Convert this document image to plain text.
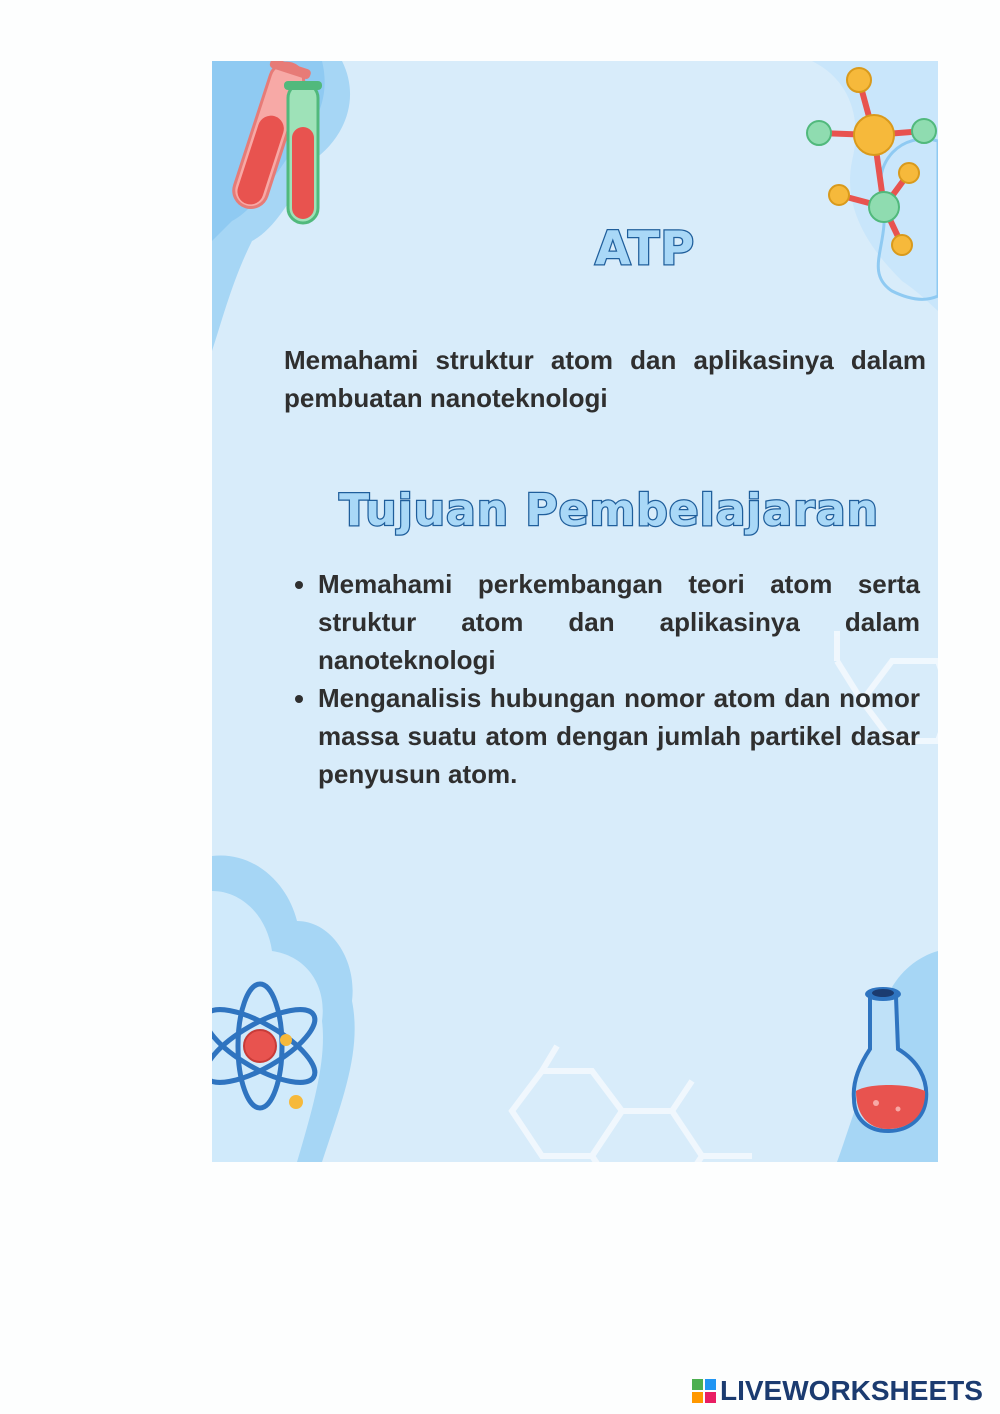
ATP

Memahami struktur atom dan aplikasinya dalam pembuatan nanoteknologi

Tujuan Pembelajaran
• Memahami perkembangan teori atom serta struktur atom dan aplikasinya dalam nanoteknologi
• Menganalisis hubungan nomor atom dan nomor massa suatu atom dengan jumlah partikel dasar penyusun atom.
LIVEWORKSHEETS
